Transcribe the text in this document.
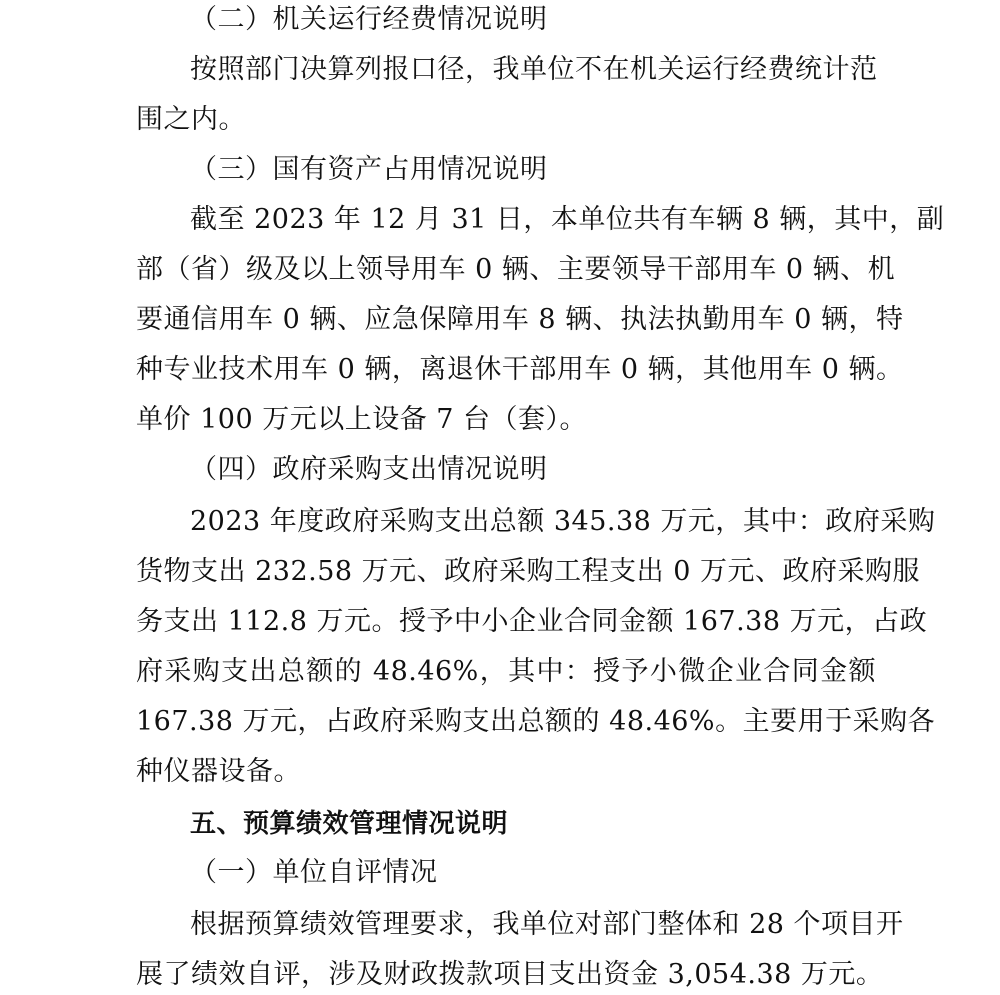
（二）机关运行经费情况说明
按照部门决算列报口径，我单位不在机关运行经费统计范
围之内。
（三）国有资产占用情况说明
截至 2023 年 12 月 31 日，本单位共有车辆 8 辆，其中，副
部（省）级及以上领导用车 0 辆、主要领导干部用车 0 辆、机
要通信用车 0 辆、应急保障用车 8 辆、执法执勤用车 0 辆，特
种专业技术用车 0 辆，离退休干部用车 0 辆，其他用车 0 辆。
单价 100 万元以上设备 7 台（套）。
（四）政府采购支出情况说明
2023 年度政府采购支出总额 345.38 万元，其中：政府采购
货物支出 232.58 万元、政府采购工程支出 0 万元、政府采购服
务支出 112.8 万元。授予中小企业合同金额 167.38 万元，占政
府采购支出总额的 48.46%，其中：授予小微企业合同金额
167.38 万元，占政府采购支出总额的 48.46%。主要用于采购各
种仪器设备。
五、预算绩效管理情况说明
（一）单位自评情况
根据预算绩效管理要求，我单位对部门整体和 28 个项目开
展了绩效自评，涉及财政拨款项目支出资金 3,054.38 万元。
